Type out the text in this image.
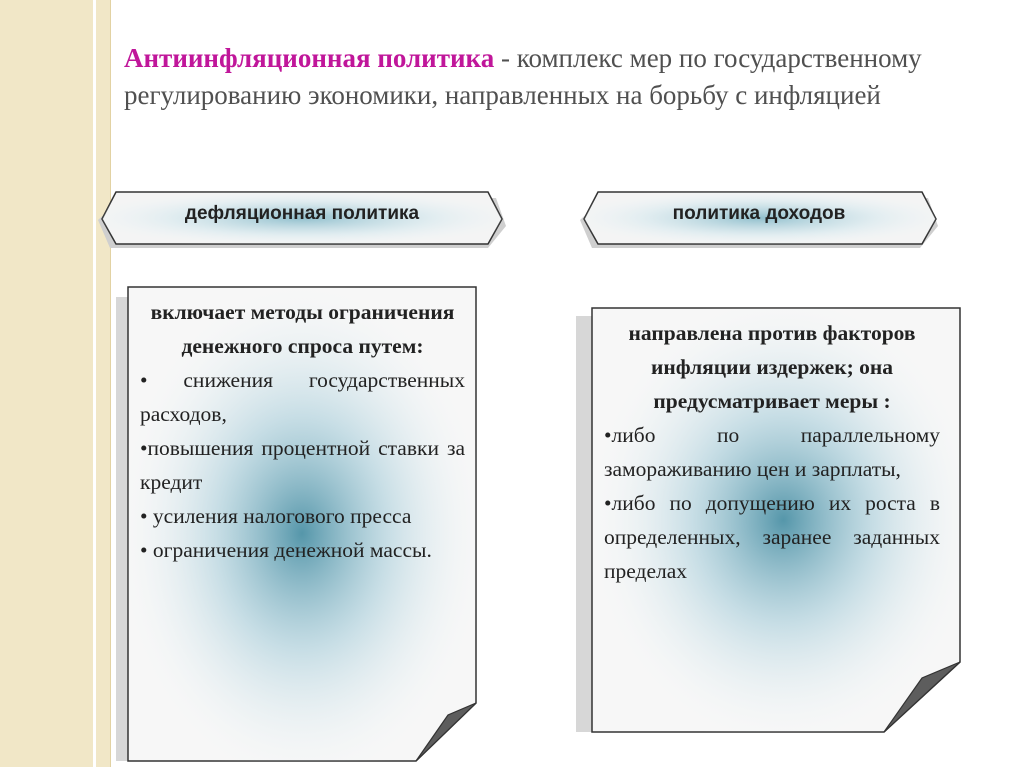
Антиинфляционная политика - комплекс мер по государственному регулированию экономики, направленных на борьбу с инфляцией
дефляционная политика	политика доходов
включает методы ограничения денежного спроса путем:
• снижения государственных расходов,
•повышения процентной ставки за кредит
• усиления налогового пресса
• ограничения денежной массы.
направлена против факторов инфляции издержек; она предусматривает меры :
•либо по параллельному замораживанию цен и зарплаты,
•либо по допущению их роста в определенных, заранее заданных пределах
